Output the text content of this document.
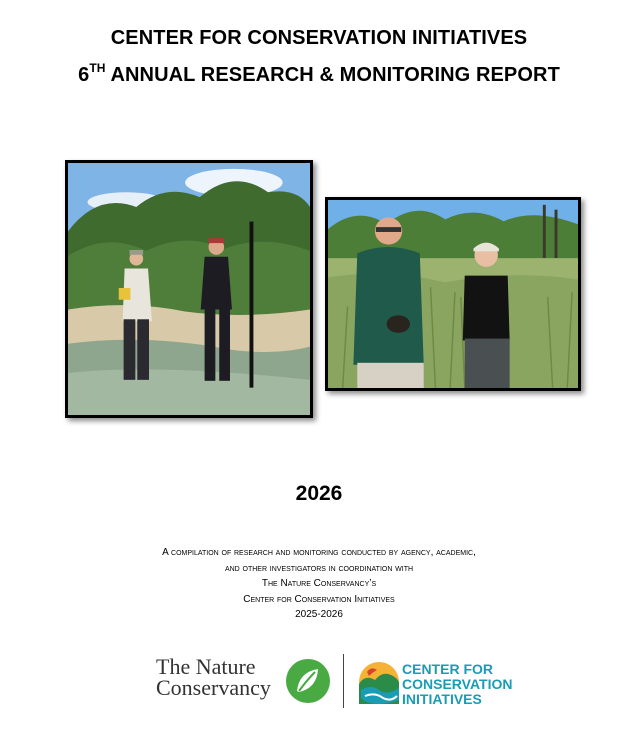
CENTER FOR CONSERVATION INITIATIVES
6TH ANNUAL RESEARCH & MONITORING REPORT
2026
A compilation of research and monitoring conducted by agency, academic,
and other investigators in coordination with
The Nature Conservancy’s
Center for Conservation Initiatives
2025-2026
The Nature
Conservancy
CENTER FOR
CONSERVATION
INITIATIVES
